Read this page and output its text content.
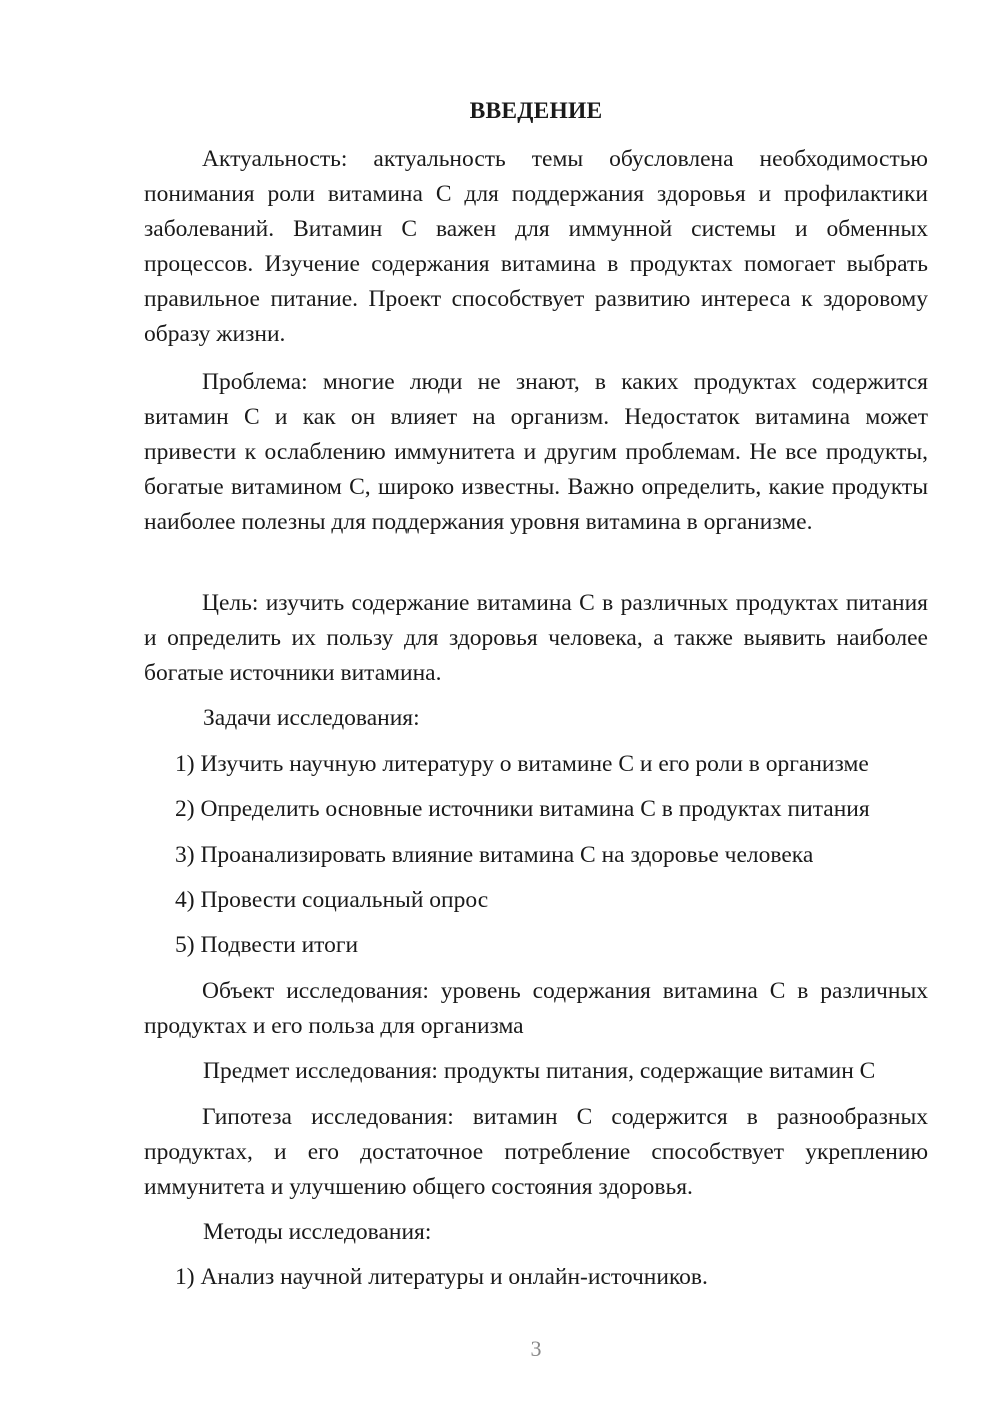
ВВЕДЕНИЕ

Актуальность: актуальность темы обусловлена необходимостью понимания роли витамина С для поддержания здоровья и профилактики заболеваний. Витамин С важен для иммунной системы и обменных процессов. Изучение содержания витамина в продуктах помогает выбрать правильное питание. Проект способствует развитию интереса к здоровому образу жизни.

Проблема: многие люди не знают, в каких продуктах содержится витамин С и как он влияет на организм. Недостаток витамина может привести к ослаблению иммунитета и другим проблемам. Не все продукты, богатые витамином С, широко известны. Важно определить, какие продукты наиболее полезны для поддержания уровня витамина в организме.

Цель: изучить содержание витамина С в различных продуктах питания и определить их пользу для здоровья человека, а также выявить наиболее богатые источники витамина.

Задачи исследования:
1) Изучить научную литературу о витамине С и его роли в организме
2) Определить основные источники витамина С в продуктах питания
3) Проанализировать влияние витамина С на здоровье человека
4) Провести социальный опрос
5) Подвести итоги

Объект исследования: уровень содержания витамина С в различных продуктах и его польза для организма

Предмет исследования: продукты питания, содержащие витамин С

Гипотеза исследования: витамин С содержится в разнообразных продуктах, и его достаточное потребление способствует укреплению иммунитета и улучшению общего состояния здоровья.

Методы исследования:
1) Анализ научной литературы и онлайн-источников.
3
